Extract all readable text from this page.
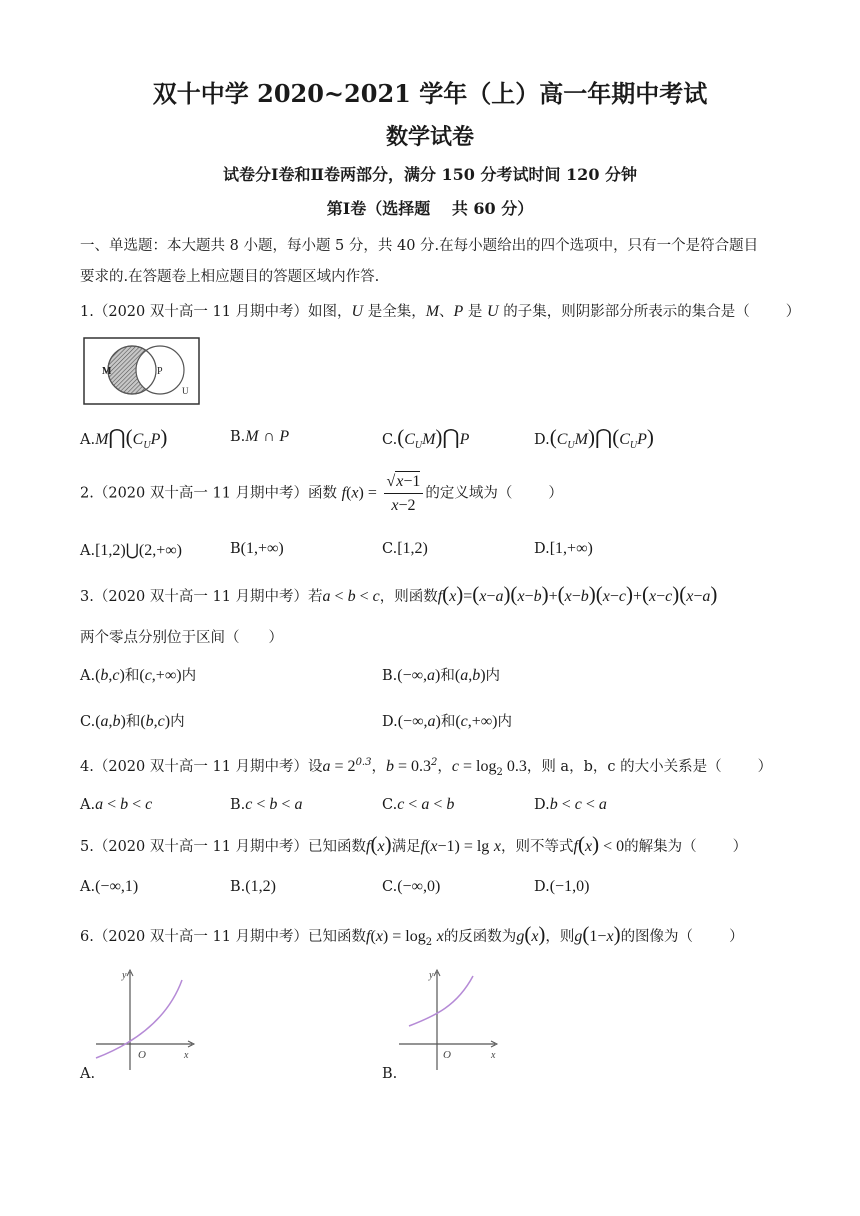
双十中学 2020~2021 学年（上）高一年期中考试
数学试卷
试卷分Ⅰ卷和Ⅱ卷两部分，满分 150 分考试时间 120 分钟
第Ⅰ卷（选择题　 共 60 分）
一、单选题：本大题共 8 小题，每小题 5 分，共 40 分.在每小题给出的四个选项中，只有一个是符合题目
要求的.在答题卷上相应题目的答题区域内作答.
1.（2020 双十高一 11 月期中考）如图，U 是全集，M、P 是 U 的子集，则阴影部分所表示的集合是（ ）
M	P
U
$A.M⋂(C_UP)$	B.M ∩ P	$C.(C_UM)⋂P$	$D.(C_UM)⋂(C_UP)$
2.（2020 双十高一 11 月期中考）函数 $f(x) = \frac{√x-1}{x-2}$ 的定义域为（ ）
A.[1,2)⋃(2,+∞)	B(1,+∞)	C.[1,2)	D.[1,+∞)
3.（2020 双十高一 11 月期中考）若a < b < c，则函数f(x)=(x−a)(x−b)+(x−b)(x−c)+(x−c)(x−a)
两个零点分别位于区间（　　）
A.(b,c)和(c,+∞)内	B.(−∞,a)和(a,b)内
C.(a,b)和(b,c)内	D.(−∞,a)和(c,+∞)内
4.（2020 双十高一 11 月期中考）设$a = 2^{0.3}$，$b = 0.3^2$，$c = \log_2 0.3$，则 a，b，c 的大小关系是（ ）
A.a < b < c	B.c < b < a	C.c < a < b	D.b < c < a
5.（2020 双十高一 11 月期中考）已知函数f(x)满足f(x−1) = lg x，则不等式f(x) < 0的解集为（ ）
A.(−∞,1)	B.(1,2)	C.(−∞,0)	D.(−1,0)
6.（2020 双十高一 11 月期中考）已知函数$f(x) = \log_2 x$的反函数为g(x)，则g(1−x)的图像为（ ）
y
x
O
A.
y
x
O
B.
